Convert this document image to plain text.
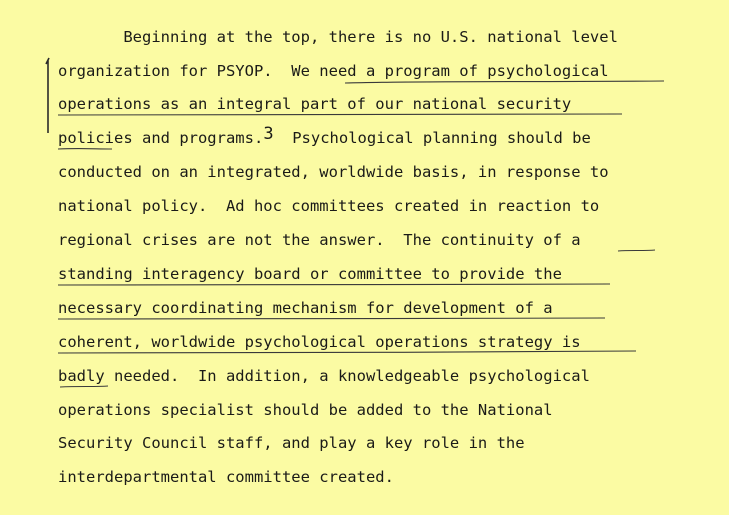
Beginning at the top, there is no U.S. national level
organization for PSYOP.  We need a program of psychological
operations as an integral part of our national security
policies and programs.3  Psychological planning should be
conducted on an integrated, worldwide basis, in response to
national policy.  Ad hoc committees created in reaction to
regional crises are not the answer.  The continuity of a
standing interagency board or committee to provide the
necessary coordinating mechanism for development of a
coherent, worldwide psychological operations strategy is
badly needed.  In addition, a knowledgeable psychological
operations specialist should be added to the National
Security Council staff, and play a key role in the
interdepartmental committee created.
